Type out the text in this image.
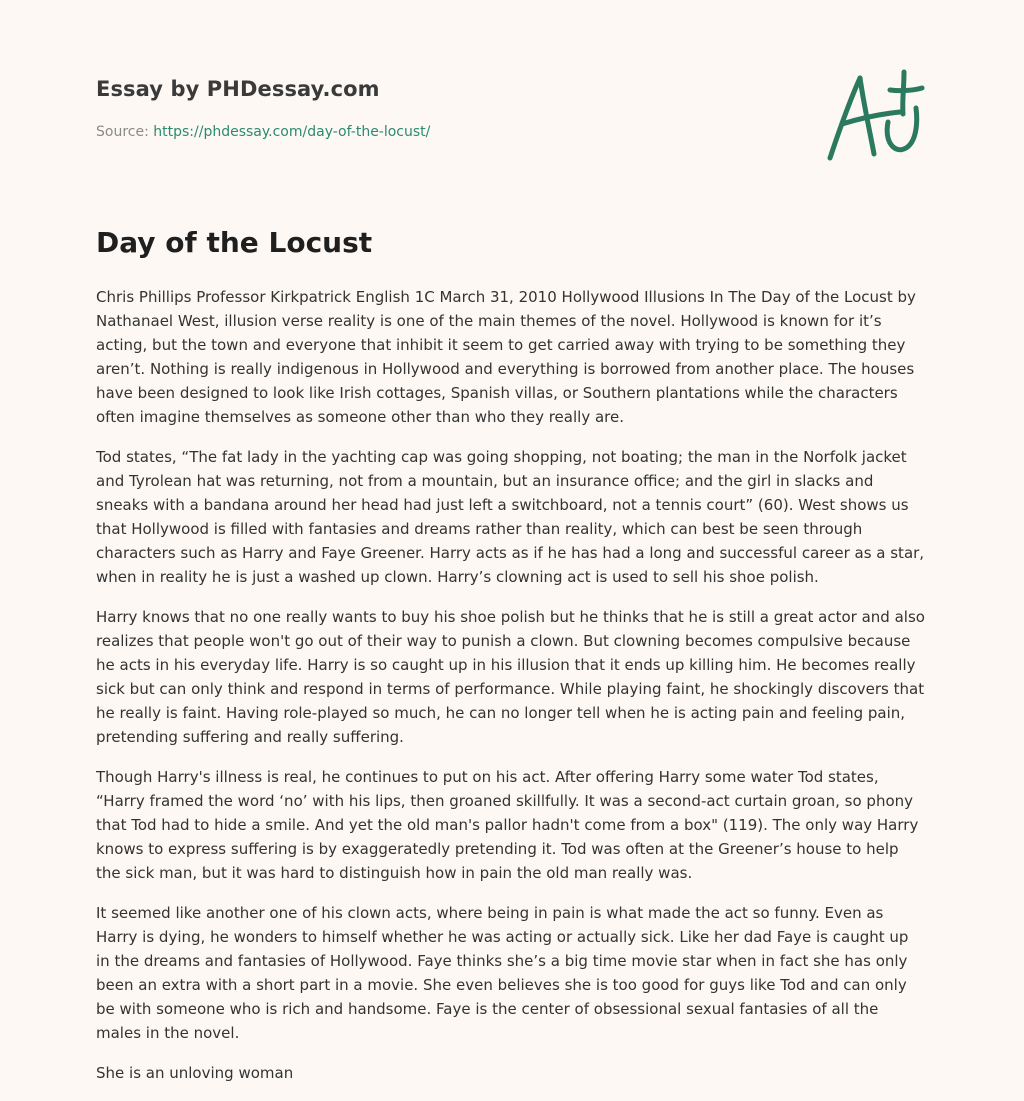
Essay by PHDessay.com
Source: https://phdessay.com/day-of-the-locust/
Day of the Locust

Chris Phillips Professor Kirkpatrick English 1C March 31, 2010 Hollywood Illusions In The Day of the Locust by Nathanael West, illusion verse reality is one of the main themes of the novel. Hollywood is known for it’s acting, but the town and everyone that inhibit it seem to get carried away with trying to be something they aren’t. Nothing is really indigenous in Hollywood and everything is borrowed from another place. The houses have been designed to look like Irish cottages, Spanish villas, or Southern plantations while the characters often imagine themselves as someone other than who they really are.

Tod states, “The fat lady in the yachting cap was going shopping, not boating; the man in the Norfolk jacket and Tyrolean hat was returning, not from a mountain, but an insurance office; and the girl in slacks and sneaks with a bandana around her head had just left a switchboard, not a tennis court” (60). West shows us that Hollywood is filled with fantasies and dreams rather than reality, which can best be seen through characters such as Harry and Faye Greener. Harry acts as if he has had a long and successful career as a star, when in reality he is just a washed up clown. Harry’s clowning act is used to sell his shoe polish.

Harry knows that no one really wants to buy his shoe polish but he thinks that he is still a great actor and also realizes that people won't go out of their way to punish a clown. But clowning becomes compulsive because he acts in his everyday life. Harry is so caught up in his illusion that it ends up killing him. He becomes really sick but can only think and respond in terms of performance. While playing faint, he shockingly discovers that he really is faint. Having role-played so much, he can no longer tell when he is acting pain and feeling pain, pretending suffering and really suffering.

Though Harry's illness is real, he continues to put on his act. After offering Harry some water Tod states, “Harry framed the word ‘no’ with his lips, then groaned skillfully. It was a second-act curtain groan, so phony that Tod had to hide a smile. And yet the old man's pallor hadn't come from a box" (119). The only way Harry knows to express suffering is by exaggeratedly pretending it. Tod was often at the Greener’s house to help the sick man, but it was hard to distinguish how in pain the old man really was.

It seemed like another one of his clown acts, where being in pain is what made the act so funny. Even as Harry is dying, he wonders to himself whether he was acting or actually sick. Like her dad Faye is caught up in the dreams and fantasies of Hollywood. Faye thinks she’s a big time movie star when in fact she has only been an extra with a short part in a movie. She even believes she is too good for guys like Tod and can only be with someone who is rich and handsome. Faye is the center of obsessional sexual fantasies of all the males in the novel.

She is an unloving woman
